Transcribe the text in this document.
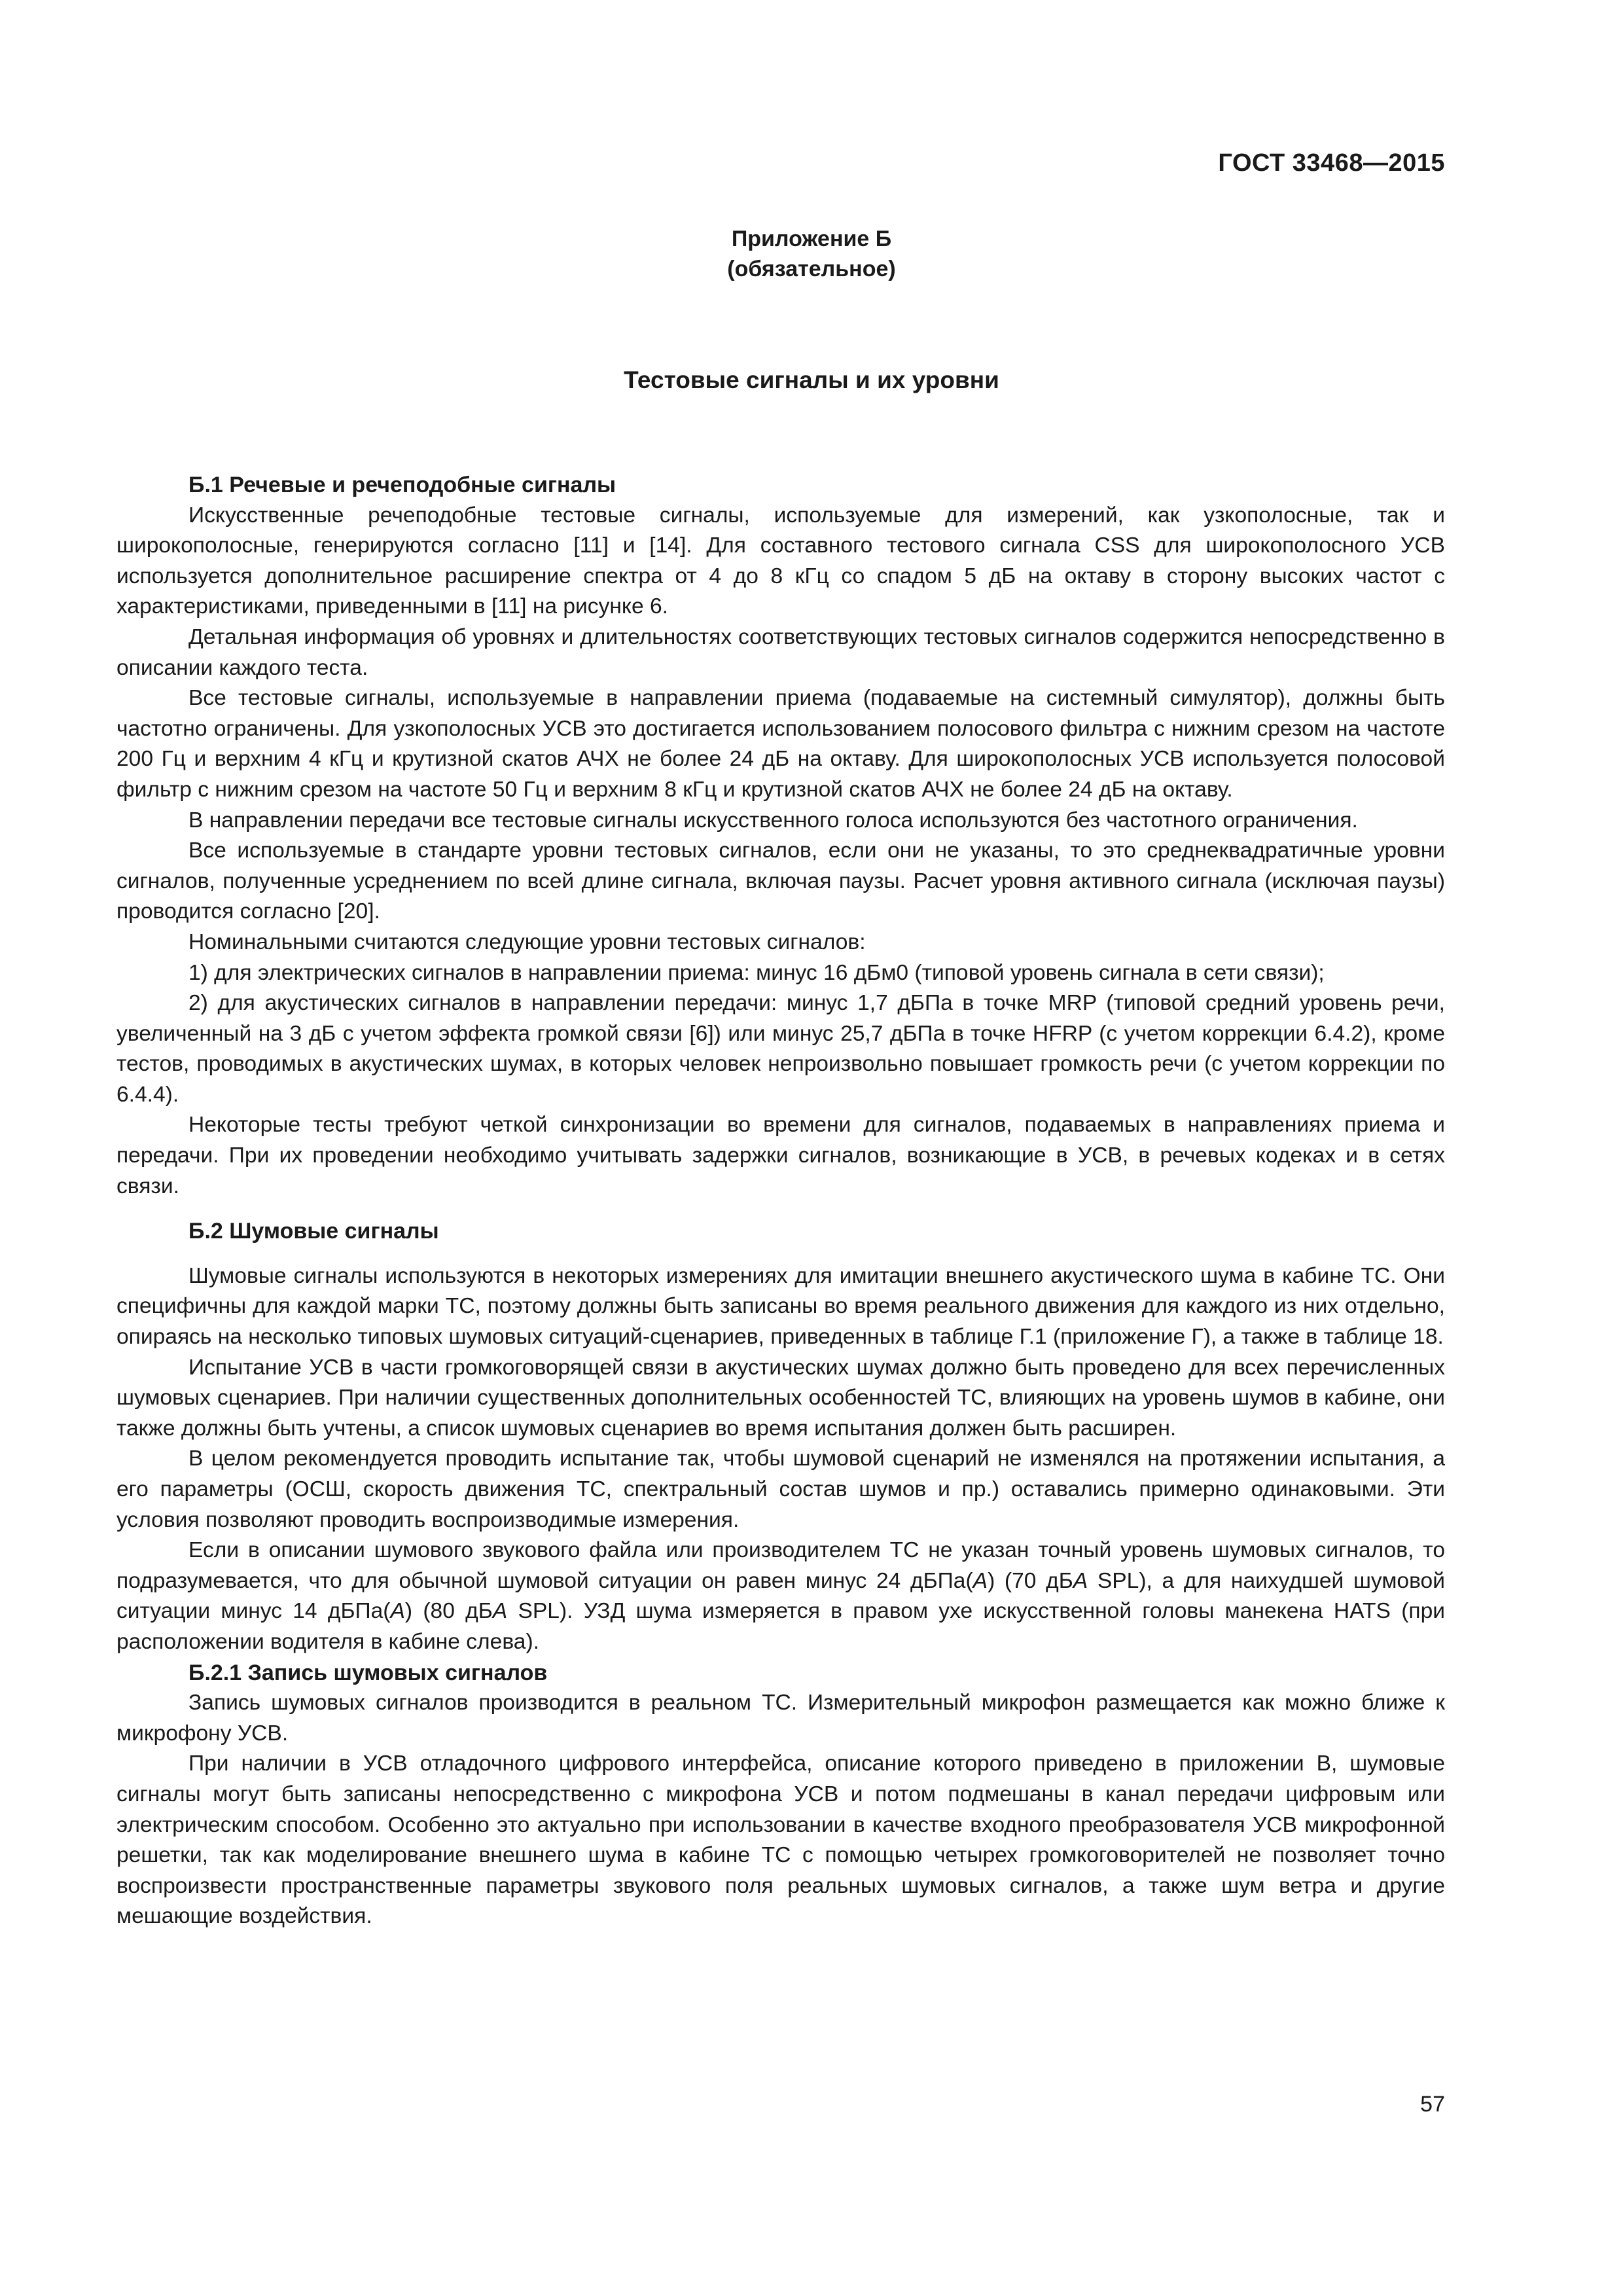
ГОСТ 33468—2015
Приложение Б
(обязательное)
Тестовые сигналы и их уровни
Б.1 Речевые и речеподобные сигналы

Искусственные речеподобные тестовые сигналы, используемые для измерений, как узкополосные, так и широкополосные, генерируются согласно [11] и [14]. Для составного тестового сигнала CSS для широкополосного УСВ используется дополнительное расширение спектра от 4 до 8 кГц со спадом 5 дБ на октаву в сторону высоких частот с характеристиками, приведенными в [11] на рисунке 6.

Детальная информация об уровнях и длительностях соответствующих тестовых сигналов содержится непосредственно в описании каждого теста.

Все тестовые сигналы, используемые в направлении приема (подаваемые на системный симулятор), должны быть частотно ограничены. Для узкополосных УСВ это достигается использованием полосового фильтра с нижним срезом на частоте 200 Гц и верхним 4 кГц и крутизной скатов АЧХ не более 24 дБ на октаву. Для широкополосных УСВ используется полосовой фильтр с нижним срезом на частоте 50 Гц и верхним 8 кГц и крутизной скатов АЧХ не более 24 дБ на октаву.

В направлении передачи все тестовые сигналы искусственного голоса используются без частотного ограничения.

Все используемые в стандарте уровни тестовых сигналов, если они не указаны, то это среднеквадратичные уровни сигналов, полученные усреднением по всей длине сигнала, включая паузы. Расчет уровня активного сигнала (исключая паузы) проводится согласно [20].

Номинальными считаются следующие уровни тестовых сигналов:

1) для электрических сигналов в направлении приема: минус 16 дБм0 (типовой уровень сигнала в сети связи);

2) для акустических сигналов в направлении передачи: минус 1,7 дБПа в точке MRP (типовой средний уровень речи, увеличенный на 3 дБ с учетом эффекта громкой связи [6]) или минус 25,7 дБПа в точке HFRP (с учетом коррекции 6.4.2), кроме тестов, проводимых в акустических шумах, в которых человек непроизвольно повышает громкость речи (с учетом коррекции по 6.4.4).

Некоторые тесты требуют четкой синхронизации во времени для сигналов, подаваемых в направлениях приема и передачи. При их проведении необходимо учитывать задержки сигналов, возникающие в УСВ, в речевых кодеках и в сетях связи.

Б.2 Шумовые сигналы

Шумовые сигналы используются в некоторых измерениях для имитации внешнего акустического шума в кабине ТС. Они специфичны для каждой марки ТС, поэтому должны быть записаны во время реального движения для каждого из них отдельно, опираясь на несколько типовых шумовых ситуаций-сценариев, приведенных в таблице Г.1 (приложение Г), а также в таблице 18.

Испытание УСВ в части громкоговорящей связи в акустических шумах должно быть проведено для всех перечисленных шумовых сценариев. При наличии существенных дополнительных особенностей ТС, влияющих на уровень шумов в кабине, они также должны быть учтены, а список шумовых сценариев во время испытания должен быть расширен.

В целом рекомендуется проводить испытание так, чтобы шумовой сценарий не изменялся на протяжении испытания, а его параметры (ОСШ, скорость движения ТС, спектральный состав шумов и пр.) оставались примерно одинаковыми. Эти условия позволяют проводить воспроизводимые измерения.

Если в описании шумового звукового файла или производителем ТС не указан точный уровень шумовых сигналов, то подразумевается, что для обычной шумовой ситуации он равен минус 24 дБПа(A) (70 дБA SPL), а для наихудшей шумовой ситуации минус 14 дБПа(A) (80 дБA SPL). УЗД шума измеряется в правом ухе искусственной головы манекена HATS (при расположении водителя в кабине слева).

Б.2.1 Запись шумовых сигналов

Запись шумовых сигналов производится в реальном ТС. Измерительный микрофон размещается как можно ближе к микрофону УСВ.

При наличии в УСВ отладочного цифрового интерфейса, описание которого приведено в приложении В, шумовые сигналы могут быть записаны непосредственно с микрофона УСВ и потом подмешаны в канал передачи цифровым или электрическим способом. Особенно это актуально при использовании в качестве входного преобразователя УСВ микрофонной решетки, так как моделирование внешнего шума в кабине ТС с помощью четырех громкоговорителей не позволяет точно воспроизвести пространственные параметры звукового поля реальных шумовых сигналов, а также шум ветра и другие мешающие воздействия.

57
